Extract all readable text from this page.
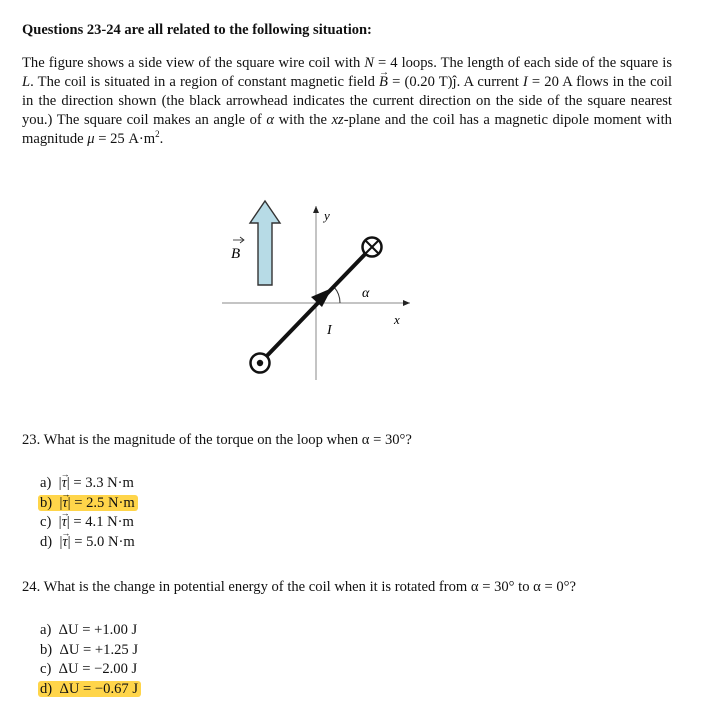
Questions 23-24 are all related to the following situation:
The figure shows a side view of the square wire coil with N = 4 loops. The length of each side of the square is L. The coil is situated in a region of constant magnetic field → B = (0.20 T)ĵ. A current I = 20 A flows in the coil in the direction shown (the black arrowhead indicates the current direction on the side of the square nearest you.) The square coil makes an angle of α with the xz-plane and the coil has a magnetic dipole moment with magnitude μ = 25 $A\cdot m^2$.
B
y
x
α
I
23. What is the magnitude of the torque on the loop when α = 30°?
a)  |→ τ| = 3.3 N·m
b)  |→ τ| = 2.5 N·m
c)  |→ τ| = 4.1 N·m
d)  |→ τ| = 5.0 N·m
24. What is the change in potential energy of the coil when it is rotated from α = 30° to α = 0°?
a) ΔU = +1.00 J
b) ΔU = +1.25 J
c) ΔU = −2.00 J
d) ΔU = −0.67 J
